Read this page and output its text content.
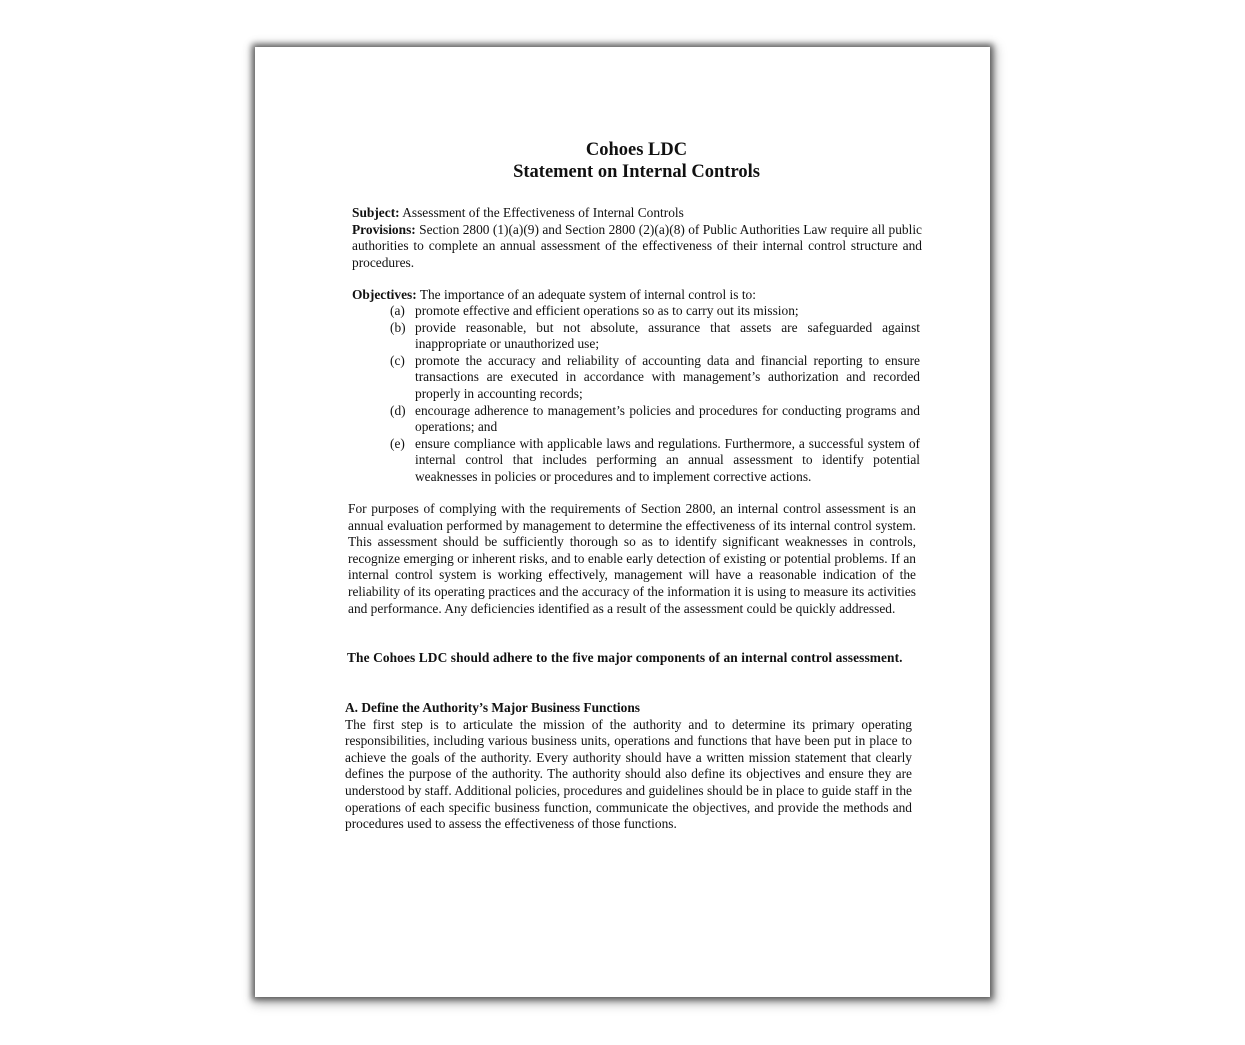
Cohoes LDC
Statement on Internal Controls

Subject: Assessment of the Effectiveness of Internal Controls

Provisions: Section 2800 (1)(a)(9) and Section 2800 (2)(a)(8) of Public Authorities Law require all public authorities to complete an annual assessment of the effectiveness of their internal control structure and procedures.

Objectives: The importance of an adequate system of internal control is to:

(a) promote effective and efficient operations so as to carry out its mission;
(b) provide reasonable, but not absolute, assurance that assets are safeguarded against inappropriate or unauthorized use;
(c) promote the accuracy and reliability of accounting data and financial reporting to ensure transactions are executed in accordance with management’s authorization and recorded properly in accounting records;
(d) encourage adherence to management’s policies and procedures for conducting programs and operations; and
(e) ensure compliance with applicable laws and regulations. Furthermore, a successful system of internal control that includes performing an annual assessment to identify potential weaknesses in policies or procedures and to implement corrective actions.
For purposes of complying with the requirements of Section 2800, an internal control assessment is an annual evaluation performed by management to determine the effectiveness of its internal control system. This assessment should be sufficiently thorough so as to identify significant weaknesses in controls, recognize emerging or inherent risks, and to enable early detection of existing or potential problems. If an internal control system is working effectively, management will have a reasonable indication of the reliability of its operating practices and the accuracy of the information it is using to measure its activities and performance. Any deficiencies identified as a result of the assessment could be quickly addressed.
The Cohoes LDC should adhere to the five major components of an internal control assessment.

A. Define the Authority’s Major Business Functions

The first step is to articulate the mission of the authority and to determine its primary operating responsibilities, including various business units, operations and functions that have been put in place to achieve the goals of the authority. Every authority should have a written mission statement that clearly defines the purpose of the authority. The authority should also define its objectives and ensure they are understood by staff. Additional policies, procedures and guidelines should be in place to guide staff in the operations of each specific business function, communicate the objectives, and provide the methods and procedures used to assess the effectiveness of those functions.
